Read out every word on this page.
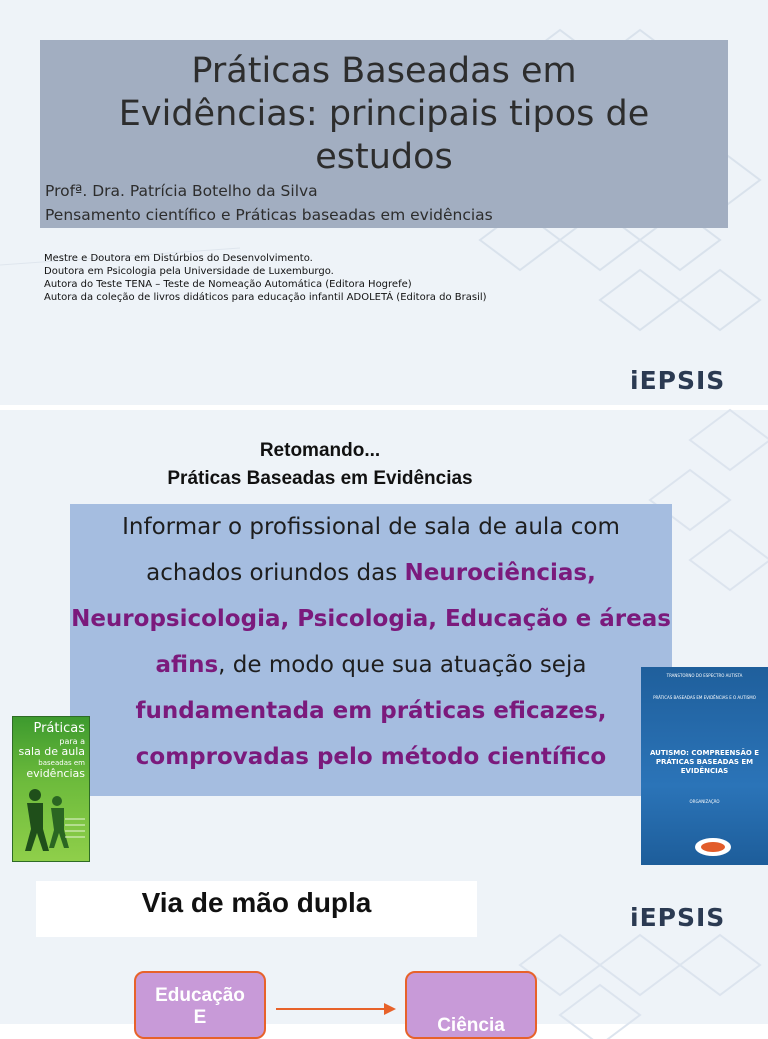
Práticas Baseadas em
Evidências: principais tipos de
estudos
Profª. Dra. Patrícia Botelho da Silva
Pensamento científico e Práticas baseadas em evidências
Mestre e Doutora em Distúrbios do Desenvolvimento.
Doutora em Psicologia pela Universidade de Luxemburgo.
Autora do Teste TENA – Teste de Nomeação Automática (Editora Hogrefe)
Autora da coleção de livros didáticos para educação infantil ADOLETÁ (Editora do Brasil)
iEPSIS
Retomando...
Práticas Baseadas em Evidências
Informar o profissional de sala de aula com
achados oriundos das Neurociências,
Neuropsicologia, Psicologia, Educação e áreas
afins, de modo que sua atuação seja
fundamentada em práticas eficazes,
comprovadas pelo método científico
Práticas
para a
sala de aula
baseadas em
evidências
TRANSTORNO DO ESPECTRO AUTISTA
PRÁTICAS BASEADAS EM EVIDÊNCIAS E O AUTISMO
AUTISMO: COMPREENSÃO E PRÁTICAS BASEADAS EM EVIDÊNCIAS
ORGANIZAÇÃO
Via de mão dupla	iEPSIS
Educação
E	Ciência
